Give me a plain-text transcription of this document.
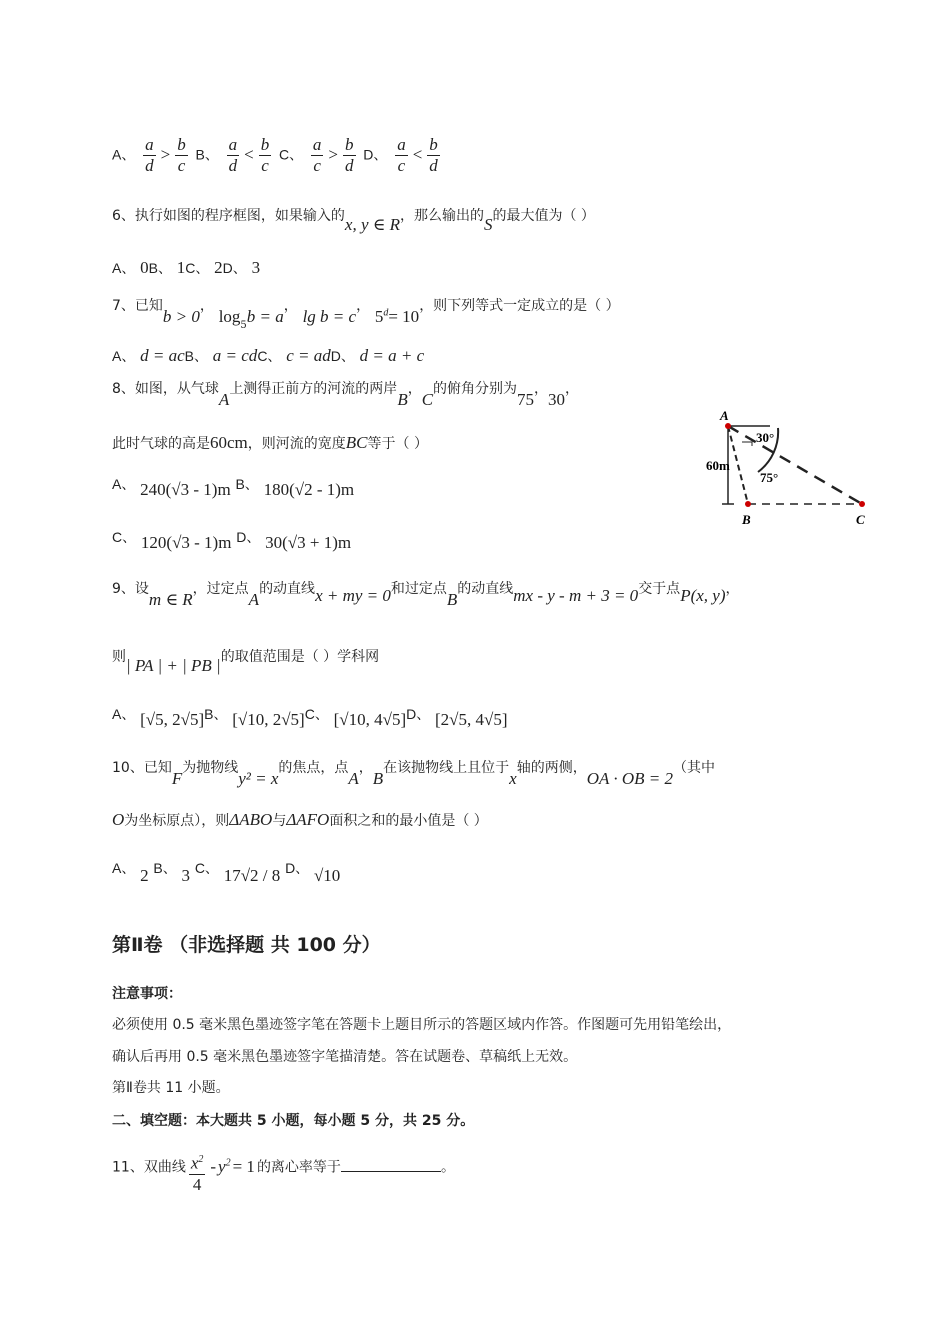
A、 $\frac{a}{d} > \frac{b}{c}$ B、 $\frac{a}{d} < \frac{b}{c}$ C、 $\frac{a}{c} > \frac{b}{d}$ D、 $\frac{a}{c} < \frac{b}{d}$
6、执行如图的程序框图，如果输入的x, y ∈ R，那么输出的S的最大值为（ ）
A、 0B、 1C、 2D、 3
7、已知b > 0， $\log_5b = a$， lg b = c， $5^d= 10$，则下列等式一定成立的是（ ）
A、 d = acB、 a = cdC、 c = adD、 d = a + c
8、如图，从气球A上测得正前方的河流的两岸B，C的俯角分别为75，30，
此时气球的高是60cm，则河流的宽度BC等于（ ）
A、 240(√3 - 1)m B、 180(√2 - 1)m
C、 120(√3 - 1)m D、 30(√3 + 1)m
A
B	C
60m
30°
75°
9、设m ∈ R，过定点A的动直线x + my = 0和过定点B的动直线mx - y - m + 3 = 0交于点P(x, y)，
则| PA | + | PB |的取值范围是（ ）学科网
A、 [√5, 2√5]B、 [√10, 2√5]C、 [√10, 4√5]D、 [2√5, 4√5]
10、已知F为抛物线y² = x的焦点，点A，B在该抛物线上且位于x轴的两侧，OA · OB = 2（其中
O为坐标原点），则ΔABO与ΔAFO面积之和的最小值是（ ）
A、 2 B、 3 C、 17√2 / 8 D、 √10
第Ⅱ卷 （非选择题 共 100 分）
注意事项：
必须使用 0.5 毫米黑色墨迹签字笔在答题卡上题目所示的答题区域内作答。作图题可先用铅笔绘出，
确认后再用 0.5 毫米黑色墨迹签字笔描清楚。答在试题卷、草稿纸上无效。
第Ⅱ卷共 11 小题。
二、填空题：本大题共 5 小题，每小题 5 分，共 25 分。
11、双曲线 $\frac{x^2}{4} - y^2 = 1$ 的离心率等于	。
